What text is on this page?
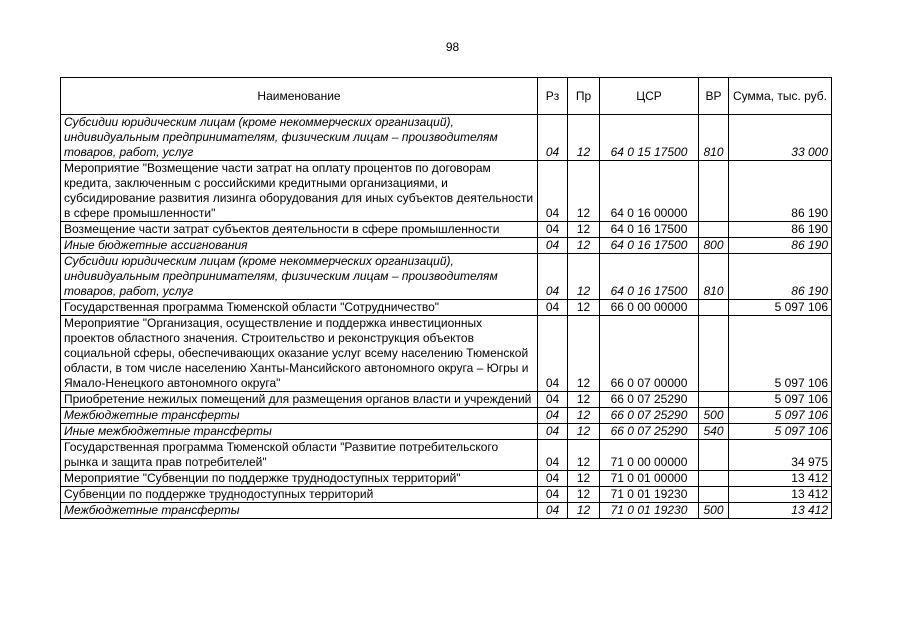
98
Наименование	Рз	Пр	ЦСР	ВР	Сумма, тыс. руб.
Субсидии юридическим лицам (кроме некоммерческих организаций), индивидуальным предпринимателям, физическим лицам – производителям товаров, работ, услуг	04	12	64 0 15 17500	810	33 000
Мероприятие "Возмещение части затрат на оплату процентов по договорам кредита, заключенным с российскими кредитными организациями, и субсидирование развития лизинга оборудования для иных субъектов деятельности в сфере промышленности"	04	12	64 0 16 00000		86 190
Возмещение части затрат субъектов деятельности в сфере промышленности	04	12	64 0 16 17500		86 190
Иные бюджетные ассигнования	04	12	64 0 16 17500	800	86 190
Субсидии юридическим лицам (кроме некоммерческих организаций), индивидуальным предпринимателям, физическим лицам – производителям товаров, работ, услуг	04	12	64 0 16 17500	810	86 190
Государственная программа Тюменской области "Сотрудничество"	04	12	66 0 00 00000		5 097 106
Мероприятие "Организация, осуществление и поддержка инвестиционных проектов областного значения. Строительство и реконструкция объектов социальной сферы, обеспечивающих оказание услуг всему населению Тюменской области, в том числе населению Ханты-Мансийского автономного округа – Югры и Ямало-Ненецкого автономного округа"	04	12	66 0 07 00000		5 097 106
Приобретение нежилых помещений для размещения органов власти и учреждений	04	12	66 0 07 25290		5 097 106
Межбюджетные трансферты	04	12	66 0 07 25290	500	5 097 106
Иные межбюджетные трансферты	04	12	66 0 07 25290	540	5 097 106
Государственная программа Тюменской области "Развитие потребительского рынка и защита прав потребителей"	04	12	71 0 00 00000		34 975
Мероприятие "Субвенции по поддержке труднодоступных территорий"	04	12	71 0 01 00000		13 412
Субвенции по поддержке труднодоступных территорий	04	12	71 0 01 19230		13 412
Межбюджетные трансферты	04	12	71 0 01 19230	500	13 412
